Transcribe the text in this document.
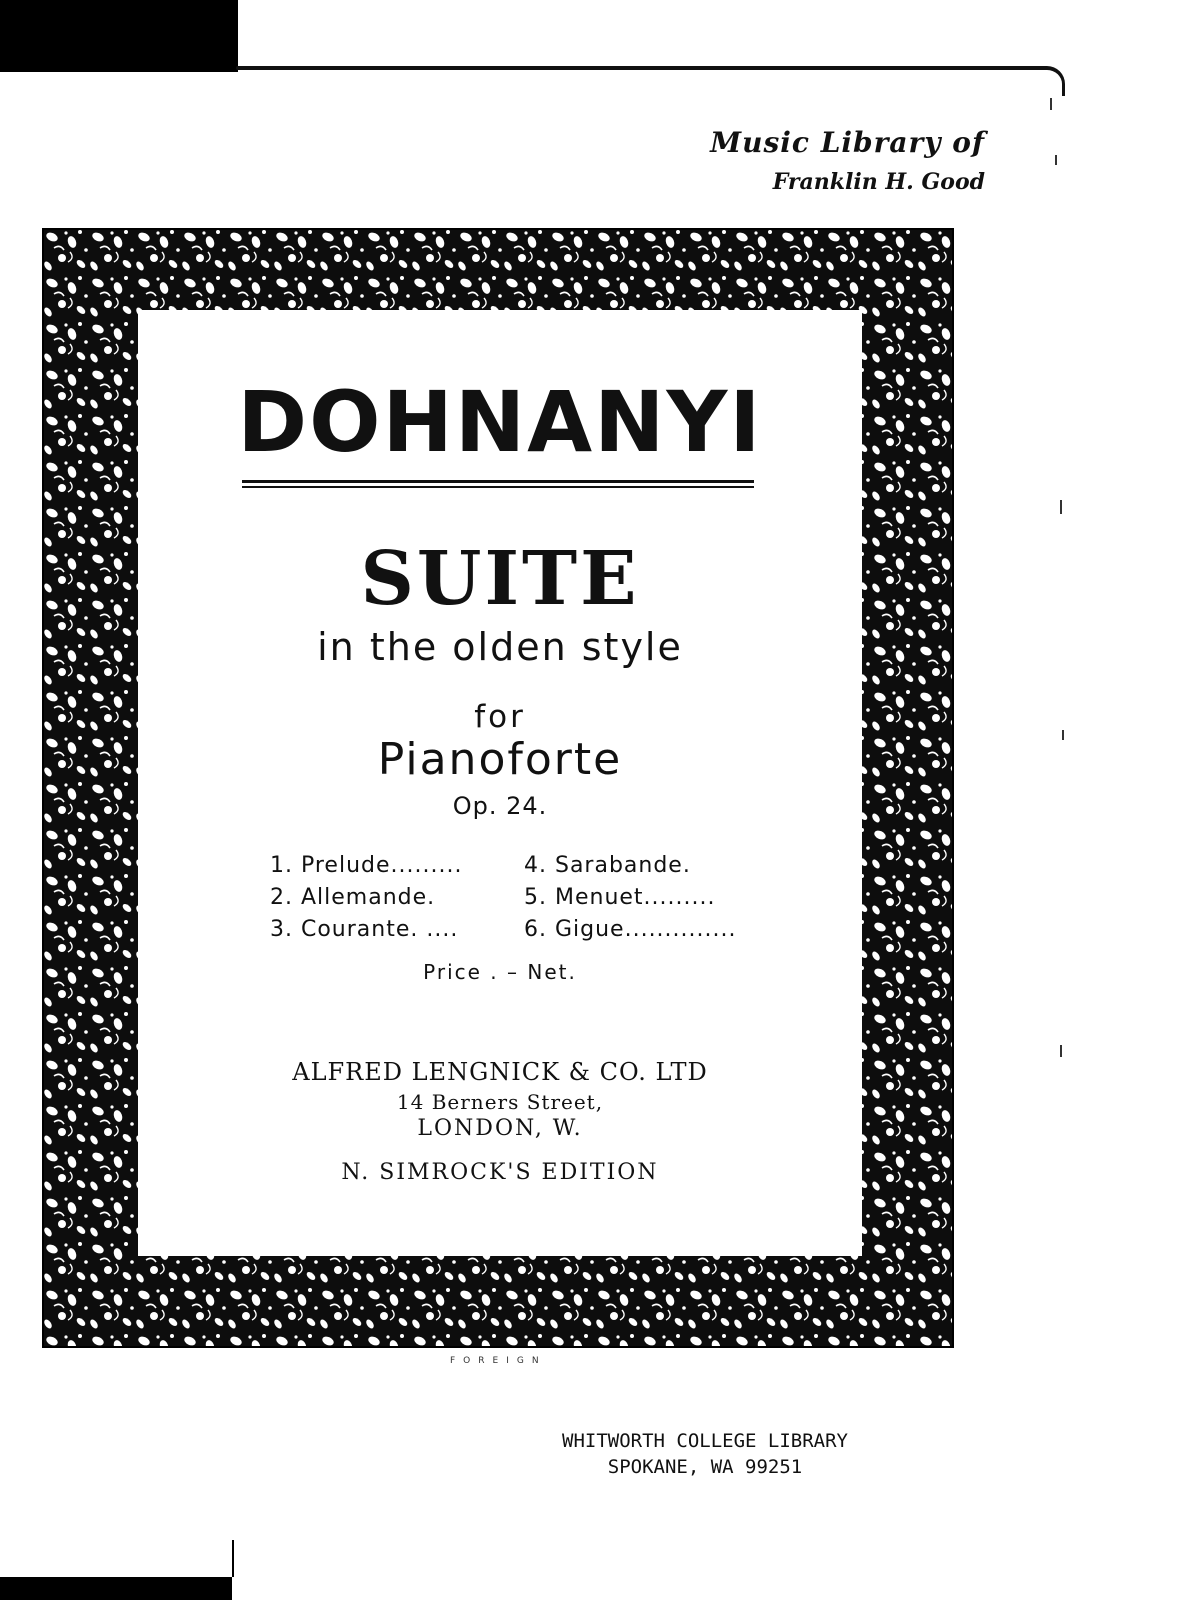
Music Library of
Franklin H. Good
DOHNANYI
SUITE
in the olden style
for
Pianoforte
Op. 24.
1. Prelude.........
2. Allemande.
3. Courante. ....
4. Sarabande.
5. Menuet.........
6. Gigue..............
Price . – Net.
ALFRED LENGNICK & CO. LTD
14 Berners Street,
LONDON, W.
N. SIMROCK'S EDITION
FOREIGN
WHITWORTH COLLEGE LIBRARY
SPOKANE, WA 99251
